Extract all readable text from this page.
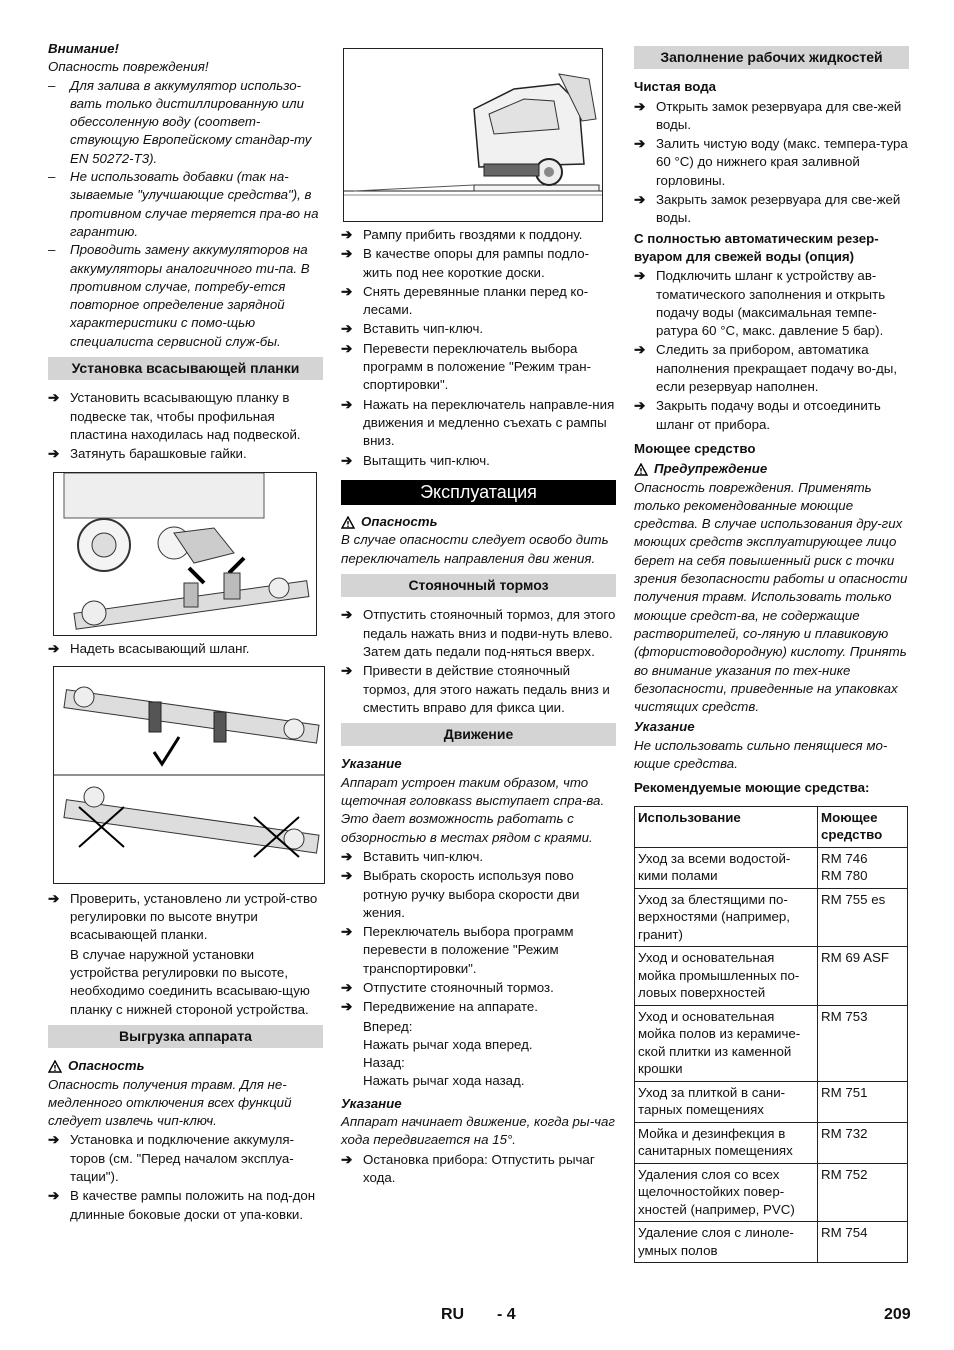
Внимание!

Опасность повреждения!

–	Для залива в аккумулятор использо-вать только дистиллированную или обессоленную воду (соответ-ствующую Европейскому стандар-ту EN 50272-T3).
–	Не использовать добавки (так на-зываемые "улучшающие средства"), в противном случае теряется пра-во на гарантию.
–	Проводить замену аккумуляторов на аккумуляторы аналогичного ти-па. В противном случае, потребу-ется повторное определение зарядной характеристики с помо-щью специалиста сервисной служ-бы.
Установка всасывающей планки
➔ Установить всасывающую планку в подвеске так, чтобы профильная пластина находилась над подвеской.
➔ Затянуть барашковые гайки.
➔ Надеть всасывающий шланг.
➔ Проверить, установлено ли устрой-ство регулировки по высоте внутри всасывающей планки.

В случае наружной установки устройства регулировки по высоте, необходимо соединить всасываю-щую планку с нижней стороной устройства.

Выгрузка аппарата
Опасность

Опасность получения травм. Для не-медленного отключения всех функций следует извлечь чип-ключ.

➔ Установка и подключение аккумуля-торов (см. "Перед началом эксплуа-тации").
➔ В качестве рампы положить на под-дон длинные боковые доски от упа-ковки.
➔ Рампу прибить гвоздями к поддону.
➔ В качестве опоры для рампы подло-жить под нее короткие доски.
➔ Снять деревянные планки перед ко-лесами.
➔ Вставить чип-ключ.
➔ Перевести переключатель выбора программ в положение "Режим тран-спортировки".
➔ Нажать на переключатель направле-ния движения и медленно съехать с рампы вниз.
➔ Вытащить чип-ключ.
Эксплуатация
Опасность

В случае опасности следует освобо дить переключатель направления дви жения.

Стояночный тормоз
➔ Отпустить стояночный тормоз, для этого педаль нажать вниз и подви-нуть влево. Затем дать педали под-няться вверх.
➔ Привести в действие стояночный тормоз, для этого нажать педаль вниз и сместить вправо для фикса ции.
Движение

Указание

Аппарат устроен таким образом, что щеточная головкаss выступает спра-ва. Это дает возможность работать с обзорностью в местах рядом с краями.

➔ Вставить чип-ключ.
➔ Выбрать скорость используя пово ротную ручку выбора скорости дви жения.
➔ Переключатель выбора программ перевести в положение "Режим транспортировки".
➔ Отпустите стояночный тормоз.
➔ Передвижение на аппарате.

Вперед:

Нажать рычаг хода вперед.

Назад:

Нажать рычаг хода назад.

Указание

Аппарат начинает движение, когда ры-чаг хода передвигается на 15°.

➔ Остановка прибора: Отпустить рычаг хода.
Заполнение рабочих жидкостей

Чистая вода

➔ Открыть замок резервуара для све-жей воды.
➔ Залить чистую воду (макс. темпера-тура 60 °C) до нижнего края заливной горловины.
➔ Закрыть замок резервуара для све-жей воды.

С полностью автоматическим резер-вуаром для свежей воды (опция)

➔ Подключить шланг к устройству ав-томатического заполнения и открыть подачу воды (максимальная темпе-ратура 60 °C, макс. давление 5 бар).
➔ Следить за прибором, автоматика наполнения прекращает подачу во-ды, если резервуар наполнен.
➔ Закрыть подачу воды и отсоединить шланг от прибора.

Моющее средство

Предупреждение

Опасность повреждения. Применять только рекомендованные моющие средства. В случае использования дру-гих моющих средств эксплуатирующее лицо берет на себя повышенный риск с точки зрения безопасности работы и опасности получения травм. Использовать только моющие средст-ва, не содержащие растворителей, со-ляную и плавиковую (фтористоводородную) кислоту. Принять во внимание указания по тех-нике безопасности, приведенные на упаковках чистящих средств.

Указание

Не использовать сильно пенящиеся мо-ющие средства.

Рекомендуемые моющие средства:

Использование	Моющее средство
Уход за всеми водостой-кими полами	RM 746
RM 780
Уход за блестящими по-верхностями (например, гранит)	RM 755 es
Уход и основательная мойка промышленных по-ловых поверхностей	RM 69 ASF
Уход и основательная мойка полов из керамиче-ской плитки из каменной крошки	RM 753
Уход за плиткой в сани-тарных помещениях	RM 751
Мойка и дезинфекция в санитарных помещениях	RM 732
Удаления слоя со всех щелочностойких повер-хностей (например, PVC)	RM 752
Удаление слоя с линоле-умных полов	RM 754
RU - 4	209
